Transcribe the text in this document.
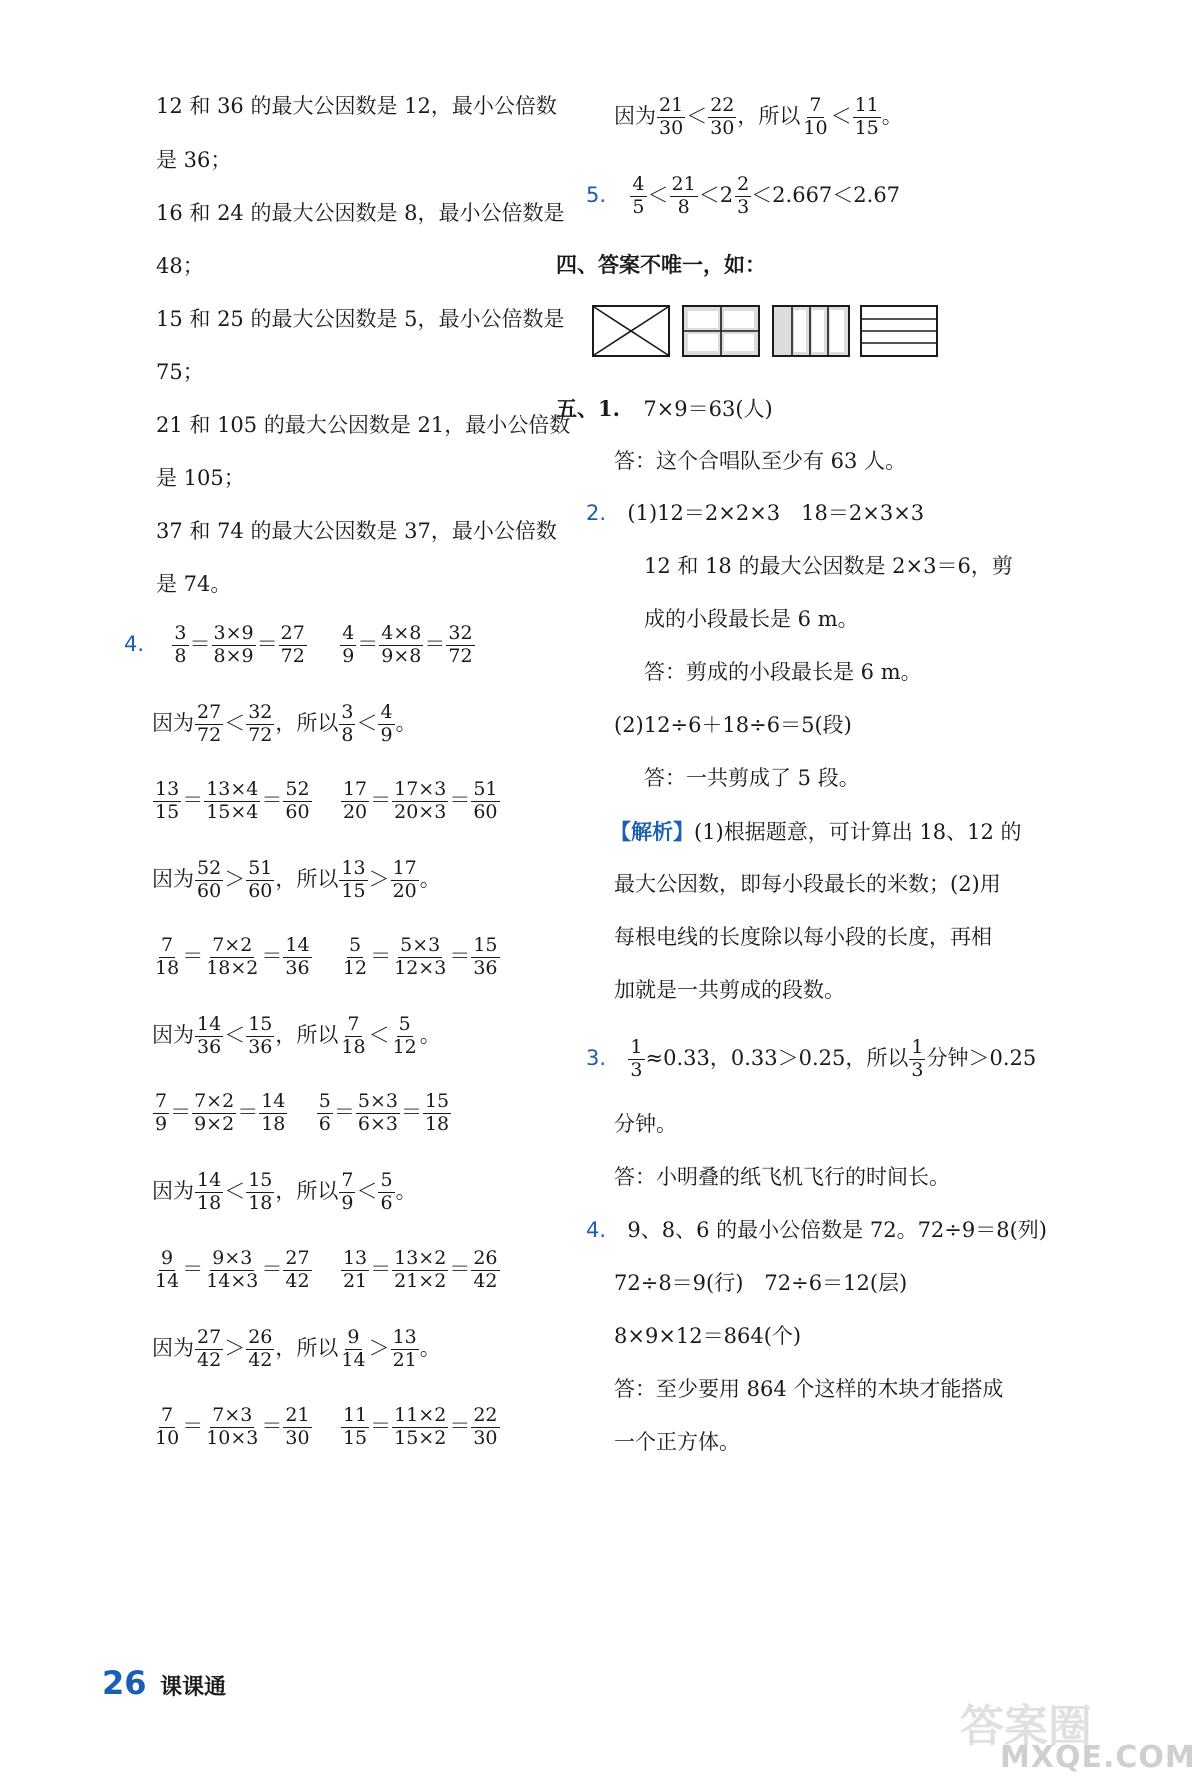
12 和 36 的最大公因数是 12，最小公倍数
是 36；
16 和 24 的最大公因数是 8，最小公倍数是
48；
15 和 25 的最大公因数是 5，最小公倍数是
75；
21 和 105 的最大公因数是 21，最小公倍数
是 105；
37 和 74 的最大公因数是 37，最小公倍数
是 74。
4. $\frac{3}{8} = \frac{3\times 9}{8\times 9} = \frac{27}{72}$
$\frac{4}{9} = \frac{4\times 8}{9\times 8} = \frac{32}{72}$
因为 $\frac{27}{72} < \frac{32}{72}$ ，所以 $\frac{3}{8} < \frac{4}{9}$ 。
$\frac{13}{15} = \frac{13\times 4}{15\times 4} = \frac{52}{60}$
$\frac{17}{20} = \frac{17\times 3}{20\times 3} = \frac{51}{60}$
因为 $\frac{52}{60} > \frac{51}{60}$ ，所以 $\frac{13}{15} > \frac{17}{20}$ 。
$\frac{7}{18} = \frac{7\times 2}{18\times 2} = \frac{14}{36}$
$\frac{5}{12} = \frac{5\times 3}{12\times 3} = \frac{15}{36}$
因为 $\frac{14}{36} < \frac{15}{36}$ ，所以 $\frac{7}{18} < \frac{5}{12}$ 。
$\frac{7}{9} = \frac{7\times 2}{9\times 2} = \frac{14}{18}$
$\frac{5}{6} = \frac{5\times 3}{6\times 3} = \frac{15}{18}$
因为 $\frac{14}{18} < \frac{15}{18}$ ，所以 $\frac{7}{9} < \frac{5}{6}$ 。
$\frac{9}{14} = \frac{9\times 3}{14\times 3} = \frac{27}{42}$
$\frac{13}{21} = \frac{13\times 2}{21\times 2} = \frac{26}{42}$
因为 $\frac{27}{42} > \frac{26}{42}$ ，所以 $\frac{9}{14} > \frac{13}{21}$ 。
$\frac{7}{10} = \frac{7\times 3}{10\times 3} = \frac{21}{30}$
$\frac{11}{15} = \frac{11\times 2}{15\times 2} = \frac{22}{30}$
因为 $\frac{21}{30} < \frac{22}{30}$ ，所以 $\frac{7}{10} < \frac{11}{15}$ 。
5. $\frac{4}{5} < \frac{21}{8} <2 \frac{2}{3} <2.667<2.67$
四、答案不唯一，如：
五、1. 7×9＝63(人)
答：这个合唱队至少有 63 人。
2. (1)12＝2×2×3　18＝2×3×3
12 和 18 的最大公因数是 2×3＝6，剪
成的小段最长是 6 m。
答：剪成的小段最长是 6 m。
(2)12÷6＋18÷6＝5(段)
答：一共剪成了 5 段。
【解析】(1)根据题意，可计算出 18、12 的
最大公因数，即每小段最长的米数；(2)用
每根电线的长度除以每小段的长度，再相
加就是一共剪成的段数。
3. $\frac{1}{3} \approx 0.33$，0.33＞0.25，所以 $\frac{1}{3}$ 分钟＞0.25
分钟。
答：小明叠的纸飞机飞行的时间长。
4. 9、8、6 的最小公倍数是 72。72÷9＝8(列)
72÷8＝9(行)　72÷6＝12(层)
8×9×12＝864(个)
答：至少要用 864 个这样的木块才能搭成
一个正方体。
26 课课通
答案圈
MXQE.COM
